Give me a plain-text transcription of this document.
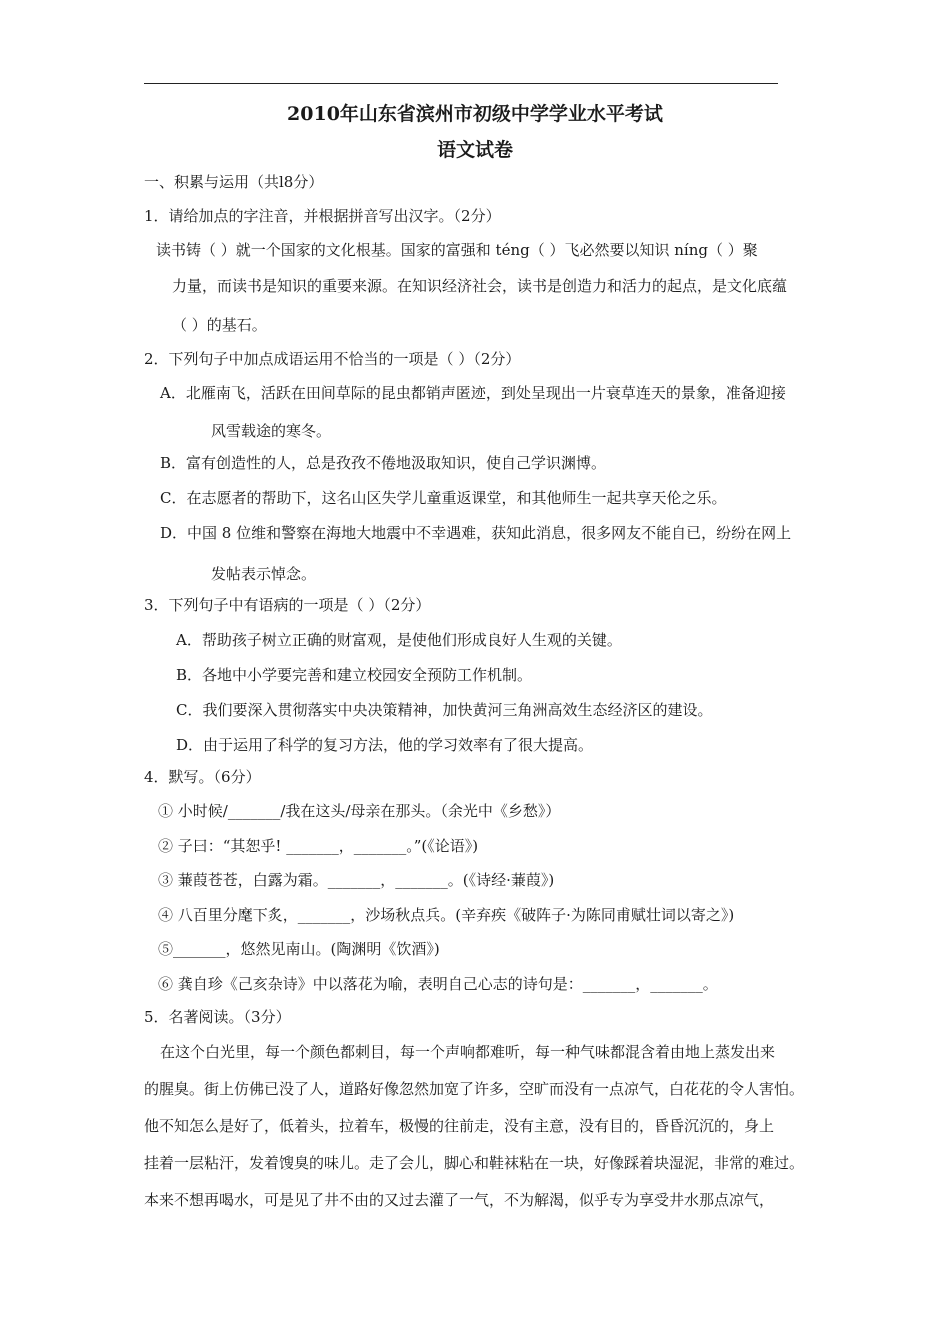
2010年山东省滨州市初级中学学业水平考试
语文试卷
一、积累与运用（共l8分）
1．请给加点的字注音，并根据拼音写出汉字。（2分）
读书铸（ ）就一个国家的文化根基。国家的富强和 téng（ ）飞必然要以知识 níng（ ）聚
力量，而读书是知识的重要来源。在知识经济社会，读书是创造力和活力的起点，是文化底蕴
（ ）的基石。
2．下列句子中加点成语运用不恰当的一项是（ ）（2分）
A．北雁南飞，活跃在田间草际的昆虫都销声匿迹，到处呈现出一片衰草连天的景象，准备迎接
风雪载途的寒冬。
B．富有创造性的人，总是孜孜不倦地汲取知识，使自己学识渊博。
C．在志愿者的帮助下，这名山区失学儿童重返课堂，和其他师生一起共享天伦之乐。
D．中国 8 位维和警察在海地大地震中不幸遇难，获知此消息，很多网友不能自已，纷纷在网上
发帖表示悼念。
3．下列句子中有语病的一项是（ ）（2分）
A．帮助孩子树立正确的财富观，是使他们形成良好人生观的关键。
B．各地中小学要完善和建立校园安全预防工作机制。
C．我们要深入贯彻落实中央决策精神，加快黄河三角洲高效生态经济区的建设。
D．由于运用了科学的复习方法，他的学习效率有了很大提高。
4．默写。（6分）
① 小时候/_______/我在这头/母亲在那头。（余光中《乡愁》）
② 子曰：“其恕乎! _______，_______。”(《论语》)
③ 蒹葭苍苍，白露为霜。_______，_______。(《诗经·蒹葭》)
④ 八百里分麾下炙，_______，沙场秋点兵。(辛弃疾《破阵子·为陈同甫赋壮词以寄之》)
⑤_______，悠然见南山。(陶渊明《饮酒》)
⑥ 龚自珍《己亥杂诗》中以落花为喻，表明自己心志的诗句是：_______，_______。
5．名著阅读。（3分）
在这个白光里，每一个颜色都刺目，每一个声响都难听，每一种气味都混含着由地上蒸发出来
的腥臭。街上仿佛已没了人，道路好像忽然加宽了许多，空旷而没有一点凉气，白花花的令人害怕。
他不知怎么是好了，低着头，拉着车，极慢的往前走，没有主意，没有目的，昏昏沉沉的，身上
挂着一层粘汗，发着馊臭的味儿。走了会儿，脚心和鞋袜粘在一块，好像踩着块湿泥，非常的难过。
本来不想再喝水，可是见了井不由的又过去灌了一气，不为解渴，似乎专为享受井水那点凉气，
